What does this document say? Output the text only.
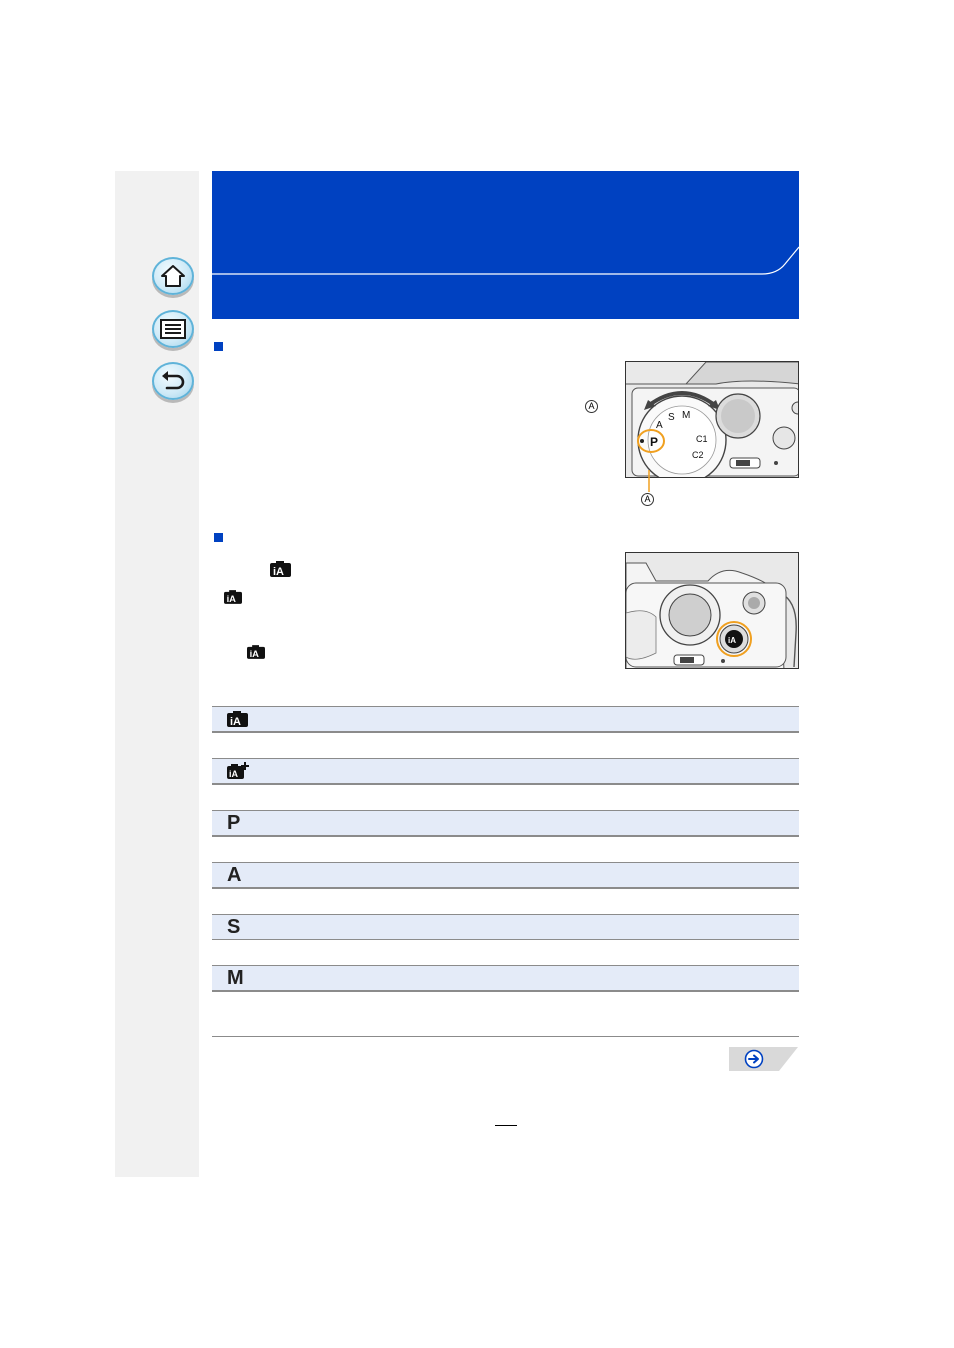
A
P
A
S M
C1
C2
A
iA
iA
iA
iA
iA
iA
P
A
S
M
